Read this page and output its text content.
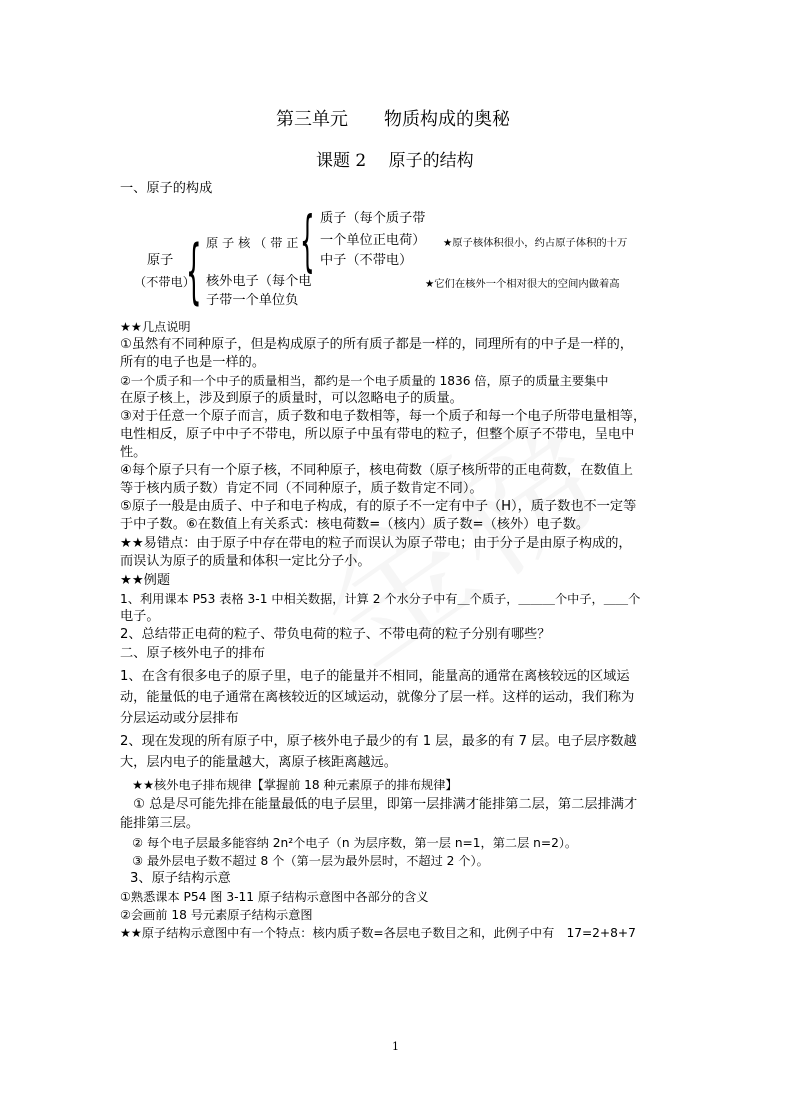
第三单元　　物质构成的奥秘
课题 2　 原子的结构
一、原子的构成
原子
（不带电）
{ 原 子 核 （ 带 正 { 质子（每个质子带
一个单位正电荷）
中子（不带电）
★原子核体积很小，约占原子体积的十万
核外电子（每个电
子带一个单位负
★它们在核外一个相对很大的空间内做着高
★★几点说明
①虽然有不同种原子，但是构成原子的所有质子都是一样的，同理所有的中子是一样的，
所有的电子也是一样的。
②一个质子和一个中子的质量相当，都约是一个电子质量的 1836 倍，原子的质量主要集中
在原子核上，涉及到原子的质量时，可以忽略电子的质量。
③对于任意一个原子而言，质子数和电子数相等，每一个质子和每一个电子所带电量相等，
电性相反，原子中中子不带电，所以原子中虽有带电的粒子，但整个原子不带电，呈电中
性。
④每个原子只有一个原子核，不同种原子，核电荷数（原子核所带的正电荷数，在数值上
等于核内质子数）肯定不同（不同种原子，质子数肯定不同）。
⑤原子一般是由质子、中子和电子构成，有的原子不一定有中子（H），质子数也不一定等
于中子数。⑥在数值上有关系式：核电荷数=（核内）质子数=（核外）电子数。
★★易错点：由于原子中存在带电的粒子而误认为原子带电；由于分子是由原子构成的，
而误认为原子的质量和体积一定比分子小。
★★例题
1、利用课本 P53 表格 3-1 中相关数据，计算 2 个水分子中有＿个质子，＿＿＿个中子，＿＿个
电子。
2、总结带正电荷的粒子、带负电荷的粒子、不带电荷的粒子分别有哪些？
二、原子核外电子的排布
1、在含有很多电子的原子里，电子的能量并不相同，能量高的通常在离核较远的区域运
动，能量低的电子通常在离核较近的区域运动，就像分了层一样。这样的运动，我们称为
分层运动或分层排布
2、现在发现的所有原子中，原子核外电子最少的有 1 层，最多的有 7 层。电子层序数越
大，层内电子的能量越大，离原子核距离越远。
　★★核外电子排布规律【掌握前 18 种元素原子的排布规律】
　① 总是尽可能先排在能量最低的电子层里，即第一层排满才能排第二层，第二层排满才
能排第三层。
　② 每个电子层最多能容纳 2n²个电子（n 为层序数，第一层 n=1，第二层 n=2）。
　③ 最外层电子数不超过 8 个（第一层为最外层时，不超过 2 个）。
3、原子结构示意
①熟悉课本 P54 图 3-11 原子结构示意图中各部分的含义
②会画前 18 号元素原子结构示意图
★★原子结构示意图中有一个特点：核内质子数=各层电子数目之和，此例子中有　17=2+8+7
1
